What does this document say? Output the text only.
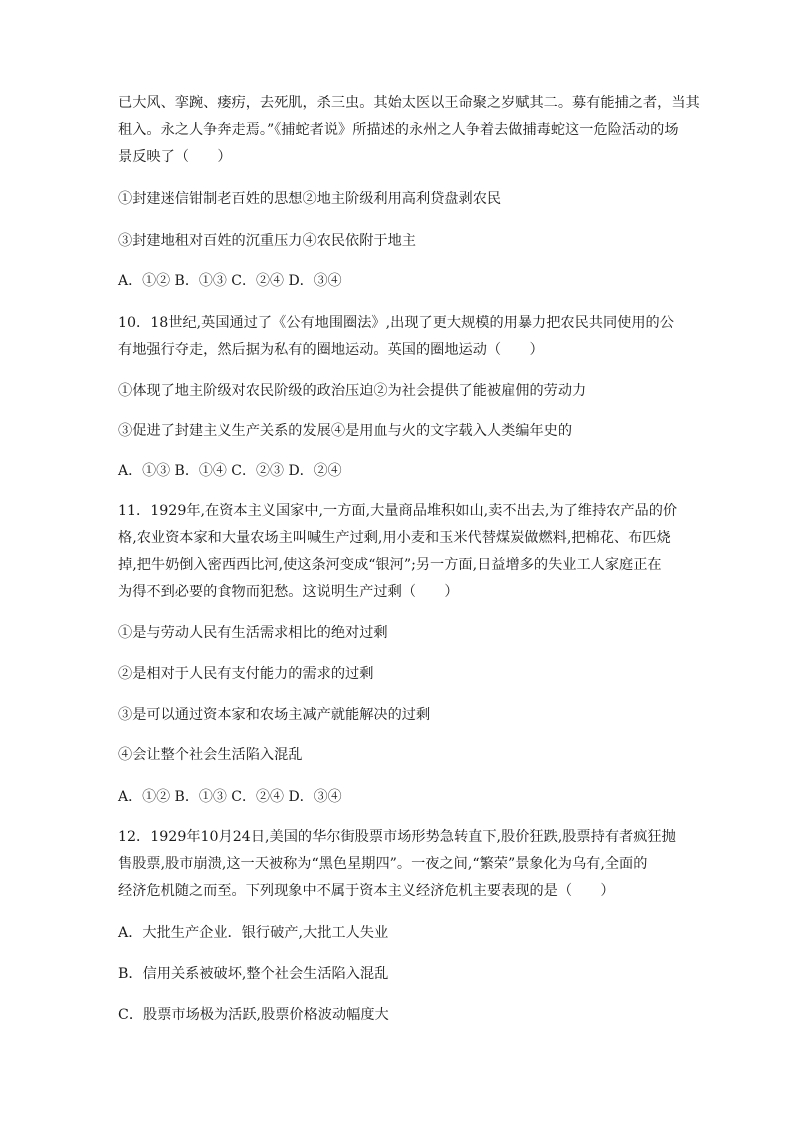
已大风、挛踠、瘘疠，去死肌，杀三虫。其始太医以王命聚之岁赋其二。募有能捕之者，当其
租入。永之人争奔走焉。”《捕蛇者说》所描述的永州之人争着去做捕毒蛇这一危险活动的场
景反映了（　　）
①封建迷信钳制老百姓的思想②地主阶级利用高利贷盘剥农民
③封建地租对百姓的沉重压力④农民依附于地主
A．①② B．①③ C．②④ D．③④
10．18世纪,英国通过了《公有地围圈法》,出现了更大规模的用暴力把农民共同使用的公
有地强行夺走，然后据为私有的圈地运动。英国的圈地运动（　　）
①体现了地主阶级对农民阶级的政治压迫②为社会提供了能被雇佣的劳动力
③促进了封建主义生产关系的发展④是用血与火的文字载入人类编年史的
A．①③ B．①④ C．②③ D．②④
11．1929年,在资本主义国家中,一方面,大量商品堆积如山,卖不出去,为了维持农产品的价
格,农业资本家和大量农场主叫喊生产过剩,用小麦和玉米代替煤炭做燃料,把棉花、布匹烧
掉,把牛奶倒入密西西比河,使这条河变成“银河”;另一方面,日益增多的失业工人家庭正在
为得不到必要的食物而犯愁。这说明生产过剩（　　）
①是与劳动人民有生活需求相比的绝对过剩
②是相对于人民有支付能力的需求的过剩
③是可以通过资本家和农场主减产就能解决的过剩
④会让整个社会生活陷入混乱
A．①② B．①③ C．②④ D．③④
12．1929年10月24日,美国的华尔街股票市场形势急转直下,股价狂跌,股票持有者疯狂抛
售股票,股市崩溃,这一天被称为“黑色星期四”。一夜之间,“繁荣”景象化为乌有,全面的
经济危机随之而至。下列现象中不属于资本主义经济危机主要表现的是（　　）
A．大批生产企业．银行破产,大批工人失业
B．信用关系被破坏,整个社会生活陷入混乱
C．股票市场极为活跃,股票价格波动幅度大
